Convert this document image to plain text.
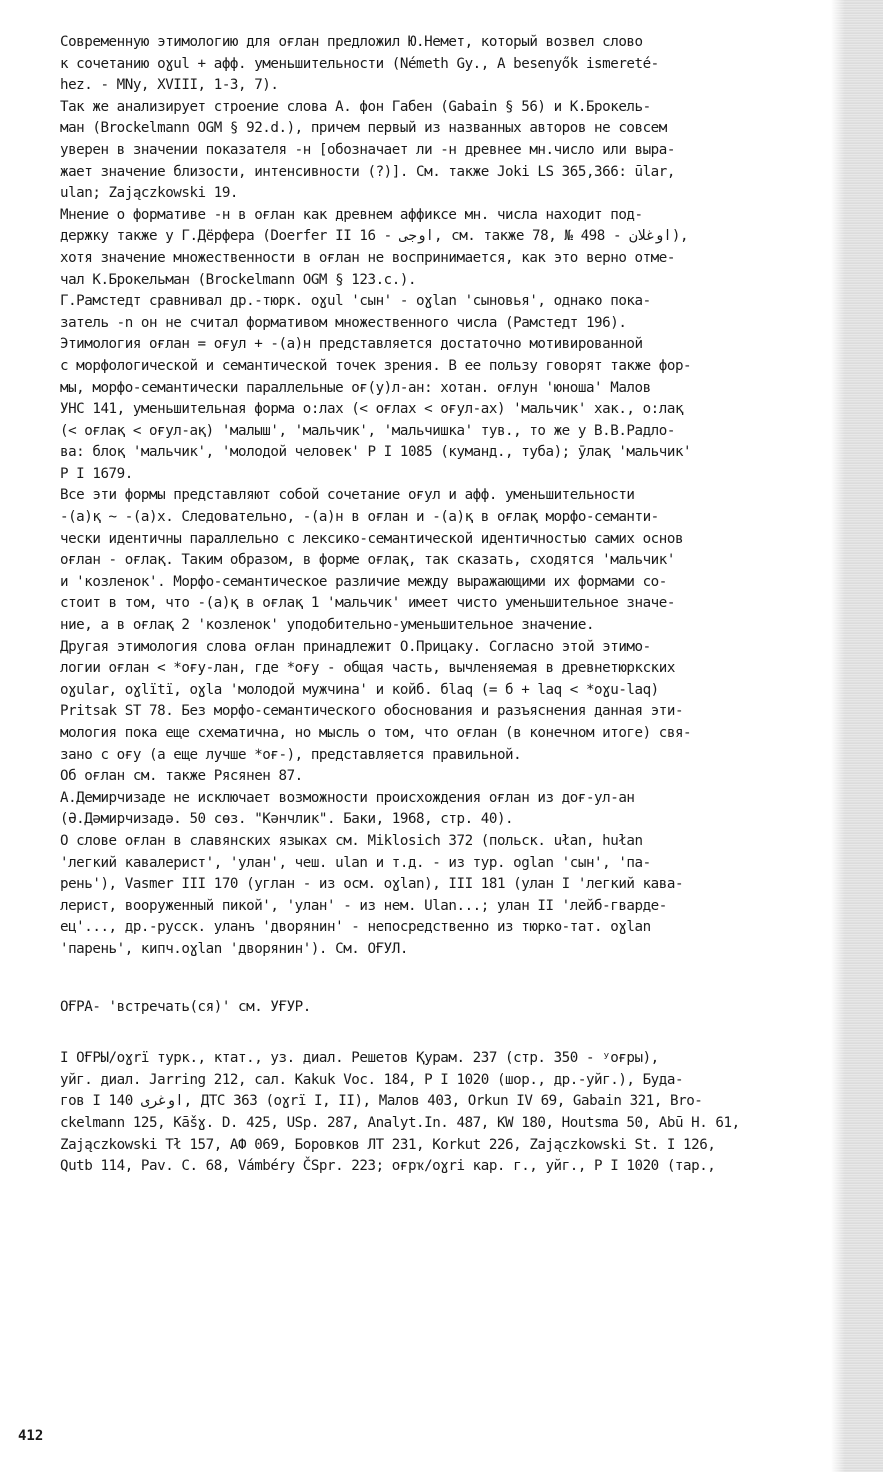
Современную этимологию для оғлан предложил Ю.Немет, который возвел слово
к сочетанию oɣul + афф. уменьшительности (Németh Gy., A besenyők ismereté-
hez. - MNy, XVIII, 1-3, 7).
Так же анализирует строение слова А. фон Габен (Gabain § 56) и К.Брокель-
ман (Brockelmann OGM § 92.d.), причем первый из названных авторов не совсем
уверен в значении показателя -н [обозначает ли -н древнее мн.число или выра-
жает значение близости, интенсивности (?)]. См. также Joki LS 365,366: ūlar,
ulan; Zajączkowski 19.
Мнение о формативе -н в оғлан как древнем аффиксе мн. числа находит под-
держку также у Г.Дёрфера (Doerfer II 16 - اوجی, см. также 78, № 498 - اوغلان),
хотя значение множественности в оғлан не воспринимается, как это верно отме-
чал К.Брокельман (Brockelmann OGM § 123.c.).
Г.Рамстедт сравнивал др.-тюрк. oɣul 'сын' - oɣlan 'сыновья', однако пока-
затель -n он не считал формативом множественного числа (Рамстедт 196).
Этимология оғлан = оғул + -(а)н представляется достаточно мотивированной
с морфологической и семантической точек зрения. В ее пользу говорят также фор-
мы, морфо-семантически параллельные оғ(у)л-ан: хотан. оғлун 'юноша' Малов
УНС 141, уменьшительная форма о:лах (< оғлах < оғул-ах) 'мальчик' хак., о:лақ
(< оғлақ < оғул-ақ) 'малыш', 'мальчик', 'мальчишка' тув., то же у В.В.Радло-
ва: блоқ 'мальчик', 'молодой человек' Р I 1085 (куманд., туба); ӯлақ 'мальчик'
Р I 1679.
Все эти формы представляют собой сочетание оғул и афф. уменьшительности
-(а)қ ~ -(а)х. Следовательно, -(а)н в оғлан и -(а)қ в оғлақ морфо-семанти-
чески идентичны параллельно с лексико-семантической идентичностью самих основ
оғлан - оғлақ. Таким образом, в форме оғлақ, так сказать, сходятся 'мальчик'
и 'козленок'. Морфо-семантическое различие между выражающими их формами со-
стоит в том, что -(а)қ в оғлақ 1 'мальчик' имеет чисто уменьшительное значе-
ние, а в оғлақ 2 'козленок' уподобительно-уменьшительное значение.
Другая этимология слова оғлан принадлежит О.Прицаку. Согласно этой этимо-
логии оғлан < *оғу-лан, где *оғу - общая часть, вычленяемая в древнетюркских
oɣular, oɣlïtï, oɣla 'молодой мужчина' и койб. бlaq (= б + laq < *oɣu-laq)
Pritsak ST 78. Без морфо-семантического обоснования и разъяснения данная эти-
мология пока еще схематична, но мысль о том, что оғлан (в конечном итоге) свя-
зано с оғу (а еще лучше *оғ-), представляется правильной.
Об оғлан см. также Рясянен 87.
А.Демирчизаде не исключает возможности происхождения оғлан из доғ-ул-ан
(Ә.Дәмирчизадә. 50 сөз. "Кәнчлик". Баки, 1968, стр. 40).
О слове оғлан в славянских языках см. Miklosich 372 (польск. ułan, hułan
'легкий кавалерист', 'улан', чеш. ulan и т.д. - из тур. oglan 'сын', 'па-
рень'), Vasmer III 170 (углан - из осм. oɣlan), III 181 (улан I 'легкий кава-
лерист, вооруженный пикой', 'улан' - из нем. Ulan...; улан II 'лейб-гварде-
ец'..., др.-русск. уланъ 'дворянин' - непосредственно из тюрко-тат. oɣlan
'парень', кипч.oɣlan 'дворянин'). См. ОҒУЛ.
ОҒРА- 'встречать(ся)' см. УҒУР.
I ОҒРЫ/oɣrï турк., ктат., уз. диал. Решетов Қурам. 237 (стр. 350 - ʸоғры),
уйг. диал. Jarring 212, сал. Kakuk Voc. 184, Р I 1020 (шор., др.-уйг.), Буда-
гов I 140 اوغری, ДТС 363 (oɣrï I, II), Малов 403, Orkun IV 69, Gabain 321, Bro-
ckelmann 125, Kāšɣ. D. 425, USp. 287, Analyt.In. 487, KW 180, Houtsma 50, Abū H. 61,
Zajączkowski Tł 157, АФ 069, Боровков ЛТ 231, Korkut 226, Zajączkowski St. I 126,
Qutb 114, Pav. C. 68, Vámbéry ČSpr. 223; оғрҡ/oɣri кар. г., уйг., Р I 1020 (тар.,
412
